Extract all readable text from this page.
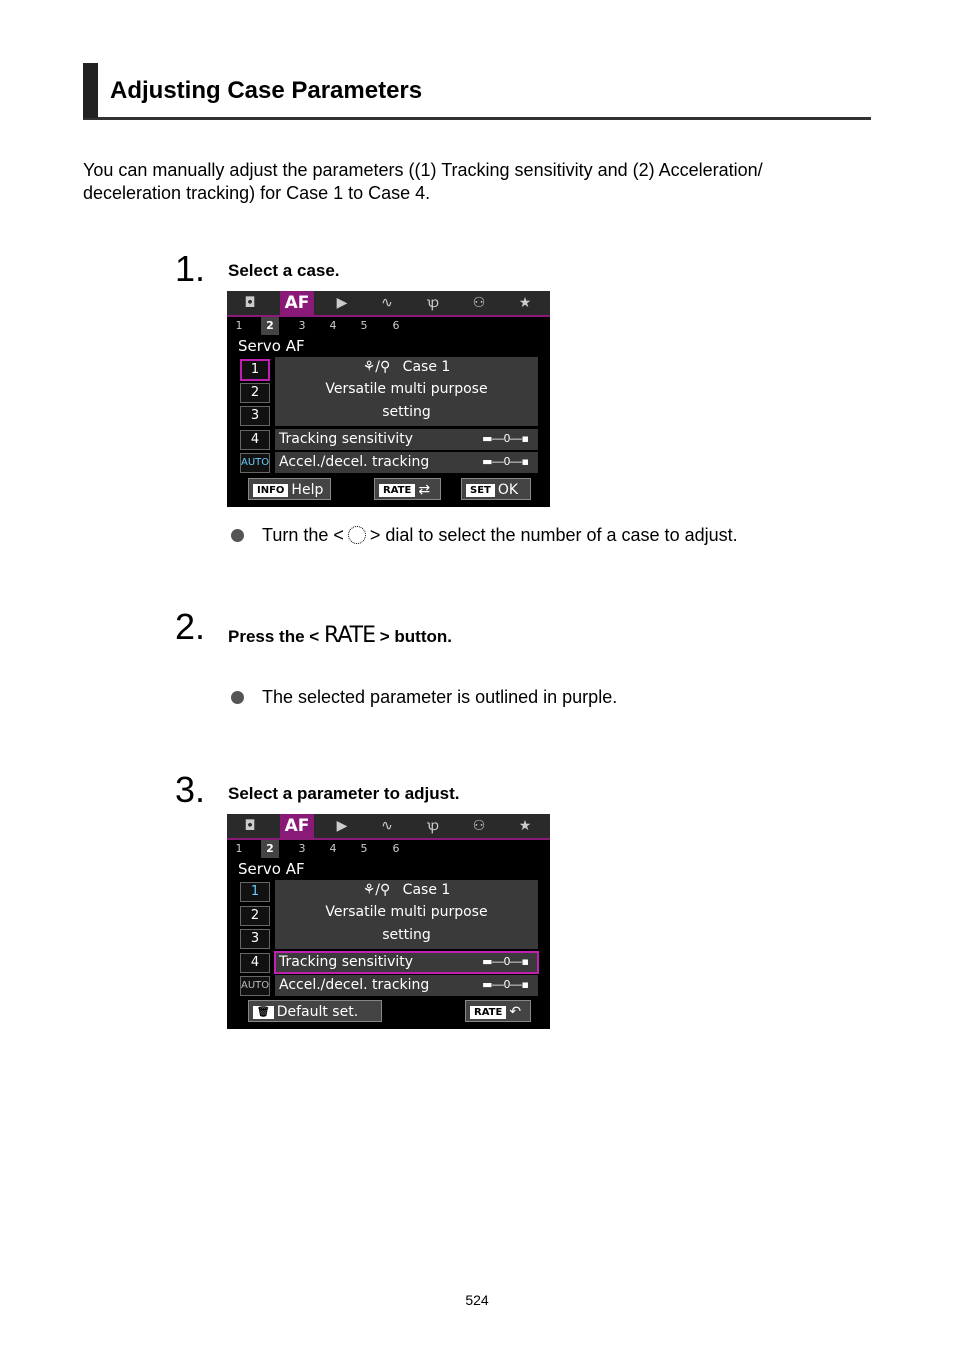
Adjusting Case Parameters
You can manually adjust the parameters ((1) Tracking sensitivity and (2) Acceleration/ deceleration tracking) for Case 1 to Case 4.
1. Select a case.
◘	AF	▶	∿	ꝕ	⚇	★
1	2	3	4	5	6
Servo AF
1
2
3
4
AUTO
⚘/⚲ Case 1
Versatile multi purpose
setting
Tracking sensitivity	▬‒‒0‒‒▪
Accel./decel. tracking	▬‒‒0‒‒▪
INFO Help	RATE ⇄	SET OK
Turn the < > dial to select the number of a case to adjust.
2. Press the < RATE > button.
The selected parameter is outlined in purple.
3. Select a parameter to adjust.
◘	AF	▶	∿	ꝕ	⚇	★
1	2	3	4	5	6
Servo AF
1
2
3
4
AUTO
⚘/⚲ Case 1
Versatile multi purpose
setting
Tracking sensitivity	▬‒‒0‒‒▪
Accel./decel. tracking	▬‒‒0‒‒▪
🗑 Default set.	RATE ↶
524
